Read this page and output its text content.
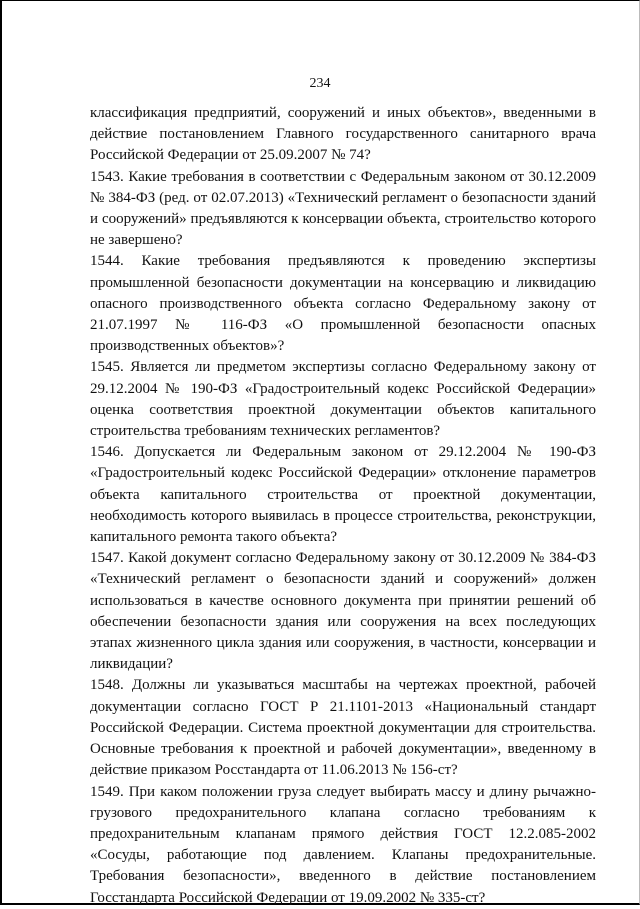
234

классификация предприятий, сооружений и иных объектов», введенными в действие постановлением Главного государственного санитарного врача Российской Федерации от 25.09.2007 № 74?

1543. Какие требования в соответствии с Федеральным законом от 30.12.2009 № 384-ФЗ (ред. от 02.07.2013) «Технический регламент о безопасности зданий и сооружений» предъявляются к консервации объекта, строительство которого не завершено?

1544. Какие требования предъявляются к проведению экспертизы промышленной безопасности документации на консервацию и ликвидацию опасного производственного объекта согласно Федеральному закону от 21.07.1997 № 116-ФЗ «О промышленной безопасности опасных производственных объектов»?

1545. Является ли предметом экспертизы согласно Федеральному закону от 29.12.2004 № 190-ФЗ «Градостроительный кодекс Российской Федерации» оценка соответствия проектной документации объектов капитального строительства требованиям технических регламентов?

1546. Допускается ли Федеральным законом от 29.12.2004 № 190-ФЗ «Градостроительный кодекс Российской Федерации» отклонение параметров объекта капитального строительства от проектной документации, необходимость которого выявилась в процессе строительства, реконструкции, капитального ремонта такого объекта?

1547. Какой документ согласно Федеральному закону от 30.12.2009 № 384-ФЗ «Технический регламент о безопасности зданий и сооружений» должен использоваться в качестве основного документа при принятии решений об обеспечении безопасности здания или сооружения на всех последующих этапах жизненного цикла здания или сооружения, в частности, консервации и ликвидации?

1548. Должны ли указываться масштабы на чертежах проектной, рабочей документации согласно ГОСТ Р 21.1101-2013 «Национальный стандарт Российской Федерации. Система проектной документации для строительства. Основные требования к проектной и рабочей документации», введенному в действие приказом Росстандарта от 11.06.2013 № 156-ст?

1549. При каком положении груза следует выбирать массу и длину рычажно-грузового предохранительного клапана согласно требованиям к предохранительным клапанам прямого действия ГОСТ 12.2.085-2002 «Сосуды, работающие под давлением. Клапаны предохранительные. Требования безопасности», введенного в действие постановлением Госстандарта Российской Федерации от 19.09.2002 № 335-ст?
